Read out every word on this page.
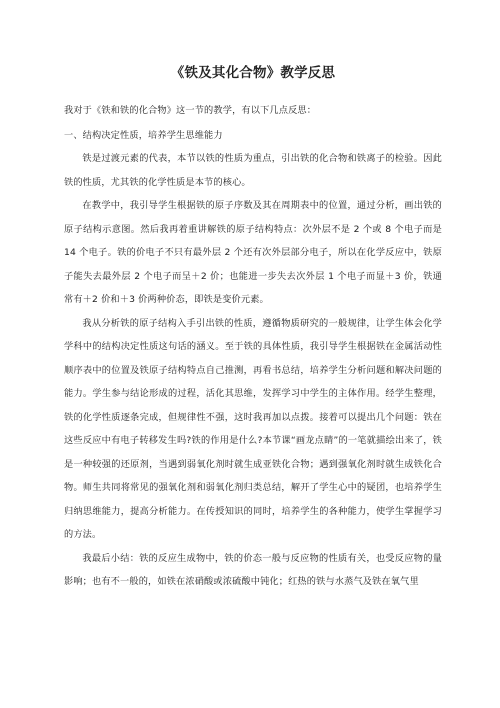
《铁及其化合物》教学反思

我对于《铁和铁的化合物》这一节的教学，有以下几点反思：

一、结构决定性质，培养学生思维能力

铁是过渡元素的代表，本节以铁的性质为重点，引出铁的化合物和铁离子的检验。因此铁的性质，尤其铁的化学性质是本节的核心。

在教学中，我引导学生根据铁的原子序数及其在周期表中的位置，通过分析，画出铁的原子结构示意图。然后我再着重讲解铁的原子结构特点：次外层不是 2 个或 8 个电子而是 14 个电子。铁的价电子不只有最外层 2 个还有次外层部分电子，所以在化学反应中，铁原子能失去最外层 2 个电子而呈＋2 价；也能进一步失去次外层 1 个电子而显＋3 价，铁通常有＋2 价和＋3 价两种价态，即铁是变价元素。

我从分析铁的原子结构入手引出铁的性质，遵循物质研究的一般规律，让学生体会化学学科中的结构决定性质这句话的涵义。至于铁的具体性质，我引导学生根据铁在金属活动性顺序表中的位置及铁原子结构特点自己推测，再看书总结，培养学生分析问题和解决问题的能力。学生参与结论形成的过程，活化其思维，发挥学习中学生的主体作用。经学生整理，铁的化学性质逐条完成，但规律性不强，这时我再加以点拨。接着可以提出几个问题：铁在这些反应中有电子转移发生吗?铁的作用是什么?本节课“画龙点睛”的一笔就描绘出来了，铁是一种较强的还原剂，当遇到弱氧化剂时就生成亚铁化合物；遇到强氧化剂时就生成铁化合物。师生共同将常见的强氧化剂和弱氧化剂归类总结，解开了学生心中的疑团，也培养学生归纳思维能力，提高分析能力。在传授知识的同时，培养学生的各种能力，使学生掌握学习的方法。

我最后小结：铁的反应生成物中，铁的价态一般与反应物的性质有关，也受反应物的量影响；也有不一般的，如铁在浓硝酸或浓硫酸中钝化；红热的铁与水蒸气及铁在氧气里
